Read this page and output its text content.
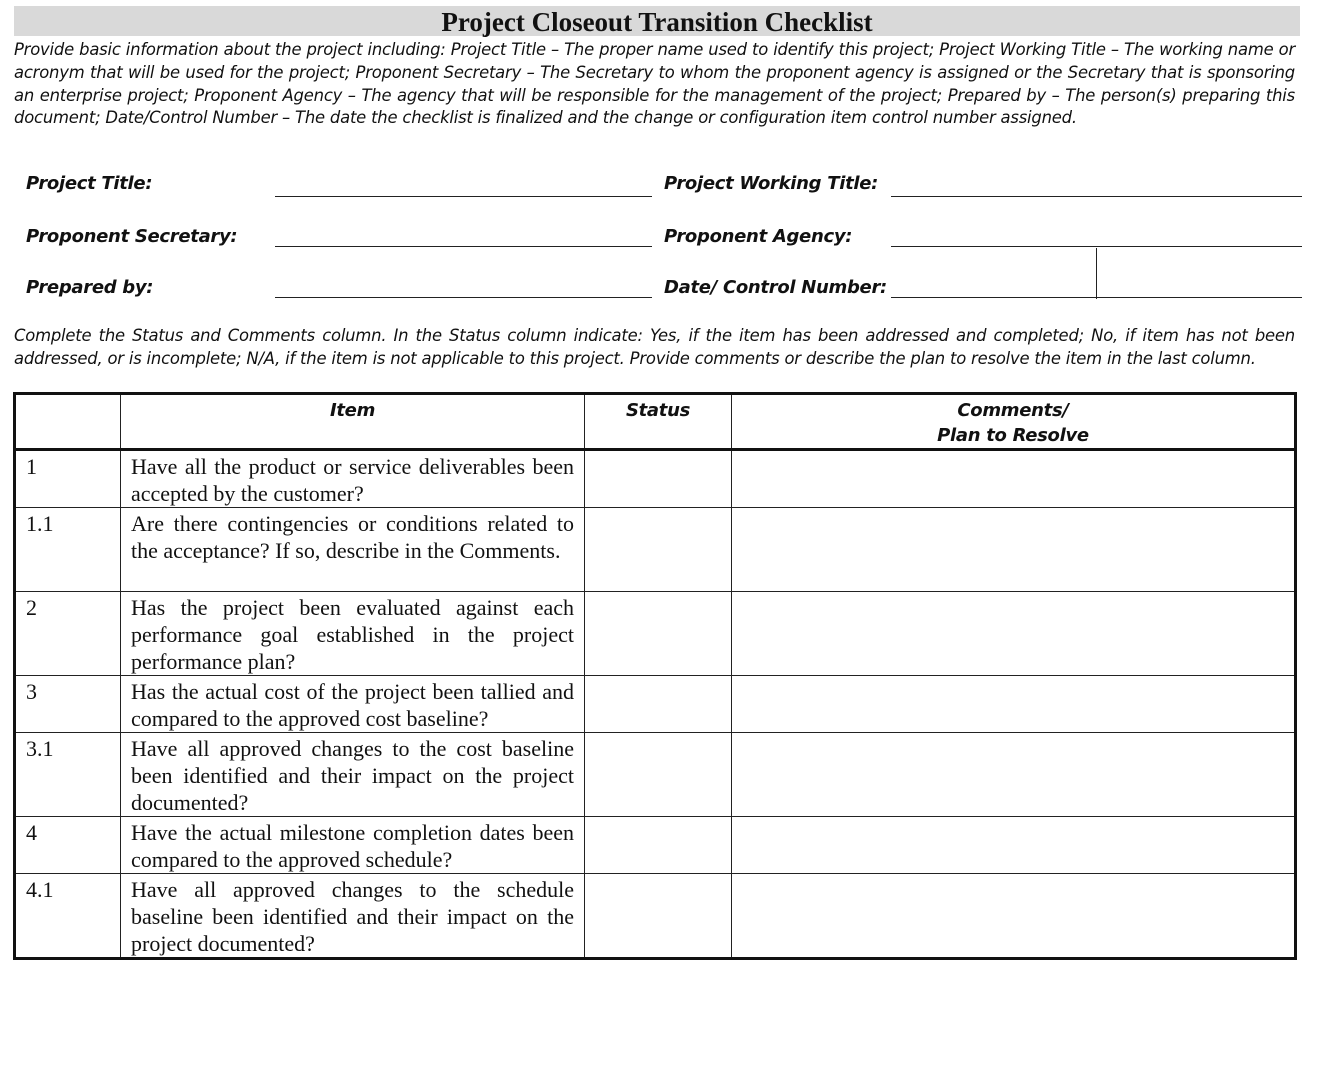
Project Closeout Transition Checklist

Provide basic information about the project including: Project Title – The proper name used to identify this project; Project Working Title – The working name or acronym that will be used for the project; Proponent Secretary – The Secretary to whom the proponent agency is assigned or the Secretary that is sponsoring an enterprise project; Proponent Agency – The agency that will be responsible for the management of the project; Prepared by – The person(s) preparing this document; Date/Control Number – The date the checklist is finalized and the change or configuration item control number assigned.

Project Title:	Project Working Title:
Proponent Secretary:	Proponent Agency:
Prepared by:	Date/ Control Number:

Complete the Status and Comments column. In the Status column indicate: Yes, if the item has been addressed and completed; No, if item has not been addressed, or is incomplete; N/A, if the item is not applicable to this project. Provide comments or describe the plan to resolve the item in the last column.

	Item	Status	Comments/
Plan to Resolve

1	Have all the product or service deliverables been accepted by the customer?		
1.1	Are there contingencies or conditions related to the acceptance? If so, describe in the Comments.		
2	Has the project been evaluated against each performance goal established in the project performance plan?		
3	Has the actual cost of the project been tallied and compared to the approved cost baseline?		
3.1	Have all approved changes to the cost baseline been identified and their impact on the project documented?		
4	Have the actual milestone completion dates been compared to the approved schedule?		
4.1	Have all approved changes to the schedule baseline been identified and their impact on the project documented?		
